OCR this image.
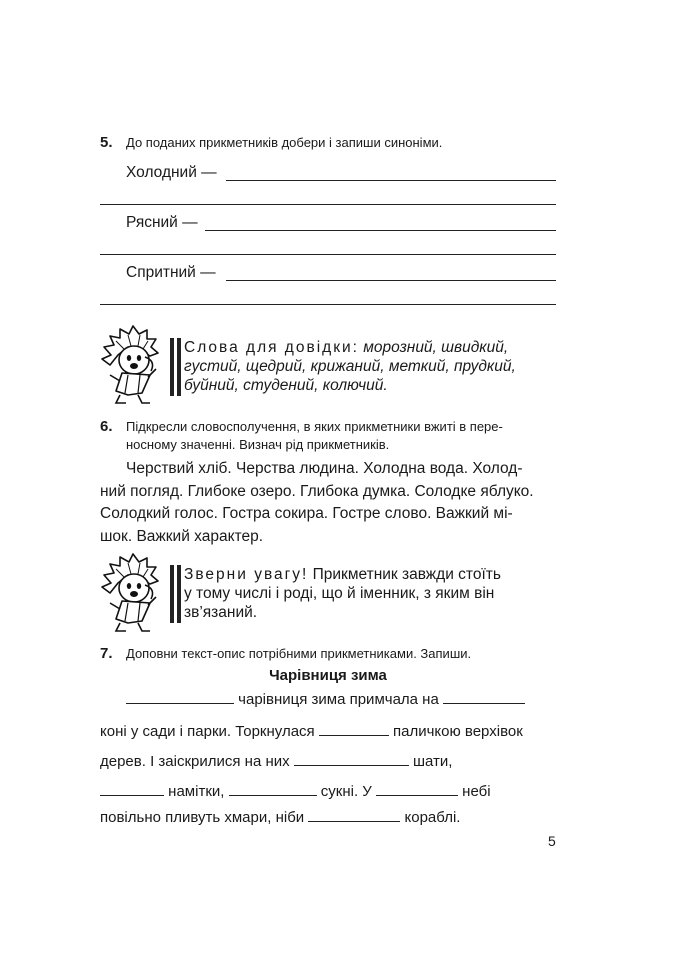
5. До поданих прикметників добери і запиши синоніми.
Холодний —
Рясний —
Спритний —
Слова для довідки: морозний, швидкий,
густий, щедрий, крижаний, меткий, прудкий,
буйний, студений, колючий.
6. Підкресли словосполучення, в яких прикметники вжиті в пере-
носному значенні. Визнач рід прикметників.
Черствий хліб. Черства людина. Холодна вода. Холод-
ний погляд. Глибоке озеро. Глибока думка. Солодке яблуко.
Солодкий голос. Гостра сокира. Гостре слово. Важкий мі-
шок. Важкий характер.
Зверни увагу! Прикметник завжди стоїть
у тому числі і роді, що й іменник, з яким він
зв’язаний.
7. Доповни текст-опис потрібними прикметниками. Запиши.
Чарівниця зима
чарівниця зима примчала на
коні у сади і парки. Торкнулася	паличкою верхівок
дерев. І заіскрилися на них	шати,
намітки,	сукні. У	небі
повільно пливуть хмари, ніби	кораблі.
5
